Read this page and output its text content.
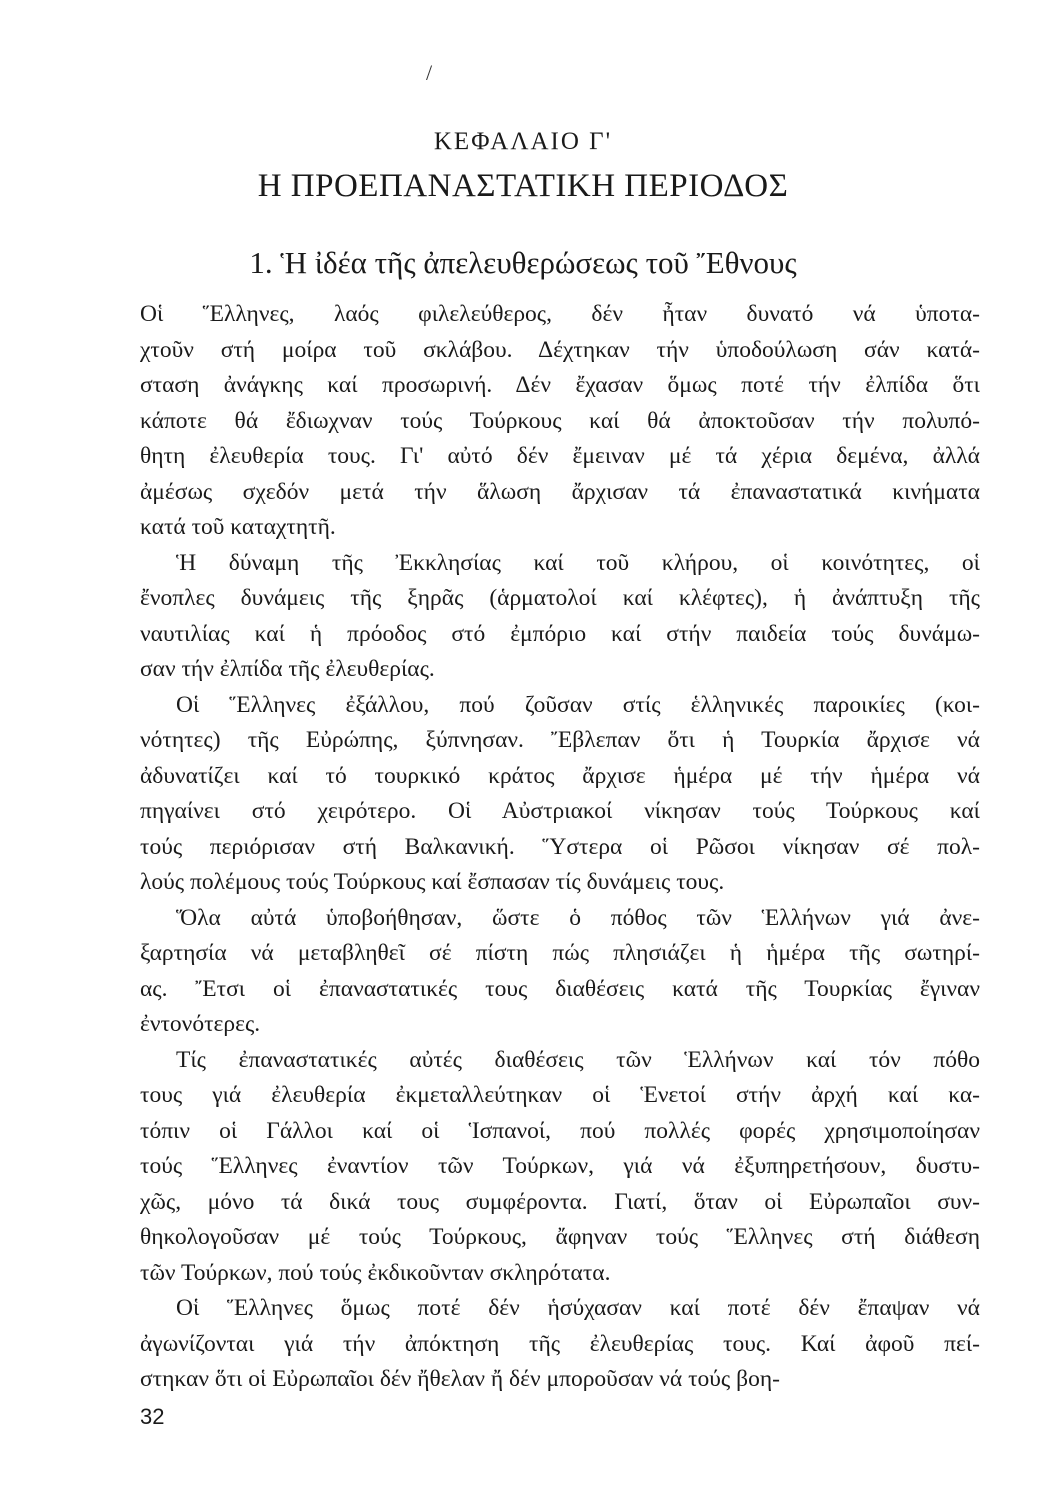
/
ΚΕΦΑΛΑΙΟ Γ'
Η ΠΡΟΕΠΑΝΑΣΤΑΤΙΚΗ ΠΕΡΙΟΔΟΣ
1. Ἡ ἰδέα τῆς ἀπελευθερώσεως τοῦ Ἔθνους

Οἱ Ἕλληνες, λαός φιλελεύθερος, δέν ἦταν δυνατό νά ὑποτα-
χτοῦν στή μοίρα τοῦ σκλάβου. Δέχτηκαν τήν ὑποδούλωση σάν κατά-
σταση ἀνάγκης καί προσωρινή. Δέν ἔχασαν ὅμως ποτέ τήν ἐλπίδα ὅτι
κάποτε θά ἔδιωχναν τούς Τούρκους καί θά ἀποκτοῦσαν τήν πολυπό-
θητη ἐλευθερία τους. Γι' αὐτό δέν ἔμειναν μέ τά χέρια δεμένα, ἀλλά
ἀμέσως σχεδόν μετά τήν ἅλωση ἄρχισαν τά ἐπαναστατικά κινήματα
κατά τοῦ καταχτητῆ.

Ἡ δύναμη τῆς Ἐκκλησίας καί τοῦ κλήρου, οἱ κοινότητες, οἱ
ἔνοπλες δυνάμεις τῆς ξηρᾶς (ἁρματολοί καί κλέφτες), ἡ ἀνάπτυξη τῆς
ναυτιλίας καί ἡ πρόοδος στό ἐμπόριο καί στήν παιδεία τούς δυνάμω-
σαν τήν ἐλπίδα τῆς ἐλευθερίας.

Οἱ Ἕλληνες ἐξάλλου, πού ζοῦσαν στίς ἑλληνικές παροικίες (κοι-
νότητες) τῆς Εὐρώπης, ξύπνησαν. Ἔβλεπαν ὅτι ἡ Τουρκία ἄρχισε νά
ἀδυνατίζει καί τό τουρκικό κράτος ἄρχισε ἡμέρα μέ τήν ἡμέρα νά
πηγαίνει στό χειρότερο. Οἱ Αὐστριακοί νίκησαν τούς Τούρκους καί
τούς περιόρισαν στή Βαλκανική. Ὕστερα οἱ Ρῶσοι νίκησαν σέ πολ-
λούς πολέμους τούς Τούρκους καί ἔσπασαν τίς δυνάμεις τους.

Ὅλα αὐτά ὑποβοήθησαν, ὥστε ὁ πόθος τῶν Ἑλλήνων γιά ἀνε-
ξαρτησία νά μεταβληθεῖ σέ πίστη πώς πλησιάζει ἡ ἡμέρα τῆς σωτηρί-
ας. Ἔτσι οἱ ἐπαναστατικές τους διαθέσεις κατά τῆς Τουρκίας ἔγιναν
ἐντονότερες.

Τίς ἐπαναστατικές αὐτές διαθέσεις τῶν Ἑλλήνων καί τόν πόθο
τους γιά ἐλευθερία ἐκμεταλλεύτηκαν οἱ Ἑνετοί στήν ἀρχή καί κα-
τόπιν οἱ Γάλλοι καί οἱ Ἱσπανοί, πού πολλές φορές χρησιμοποίησαν
τούς Ἕλληνες ἐναντίον τῶν Τούρκων, γιά νά ἐξυπηρετήσουν, δυστυ-
χῶς, μόνο τά δικά τους συμφέροντα. Γιατί, ὅταν οἱ Εὐρωπαῖοι συν-
θηκολογοῦσαν μέ τούς Τούρκους, ἄφηναν τούς Ἕλληνες στή διάθεση
τῶν Τούρκων, πού τούς ἐκδικοῦνταν σκληρότατα.

Οἱ Ἕλληνες ὅμως ποτέ δέν ἡσύχασαν καί ποτέ δέν ἔπαψαν νά
ἀγωνίζονται γιά τήν ἀπόκτηση τῆς ἐλευθερίας τους. Καί ἀφοῦ πεί-
στηκαν ὅτι οἱ Εὐρωπαῖοι δέν ἤθελαν ἤ δέν μποροῦσαν νά τούς βοη-

32
